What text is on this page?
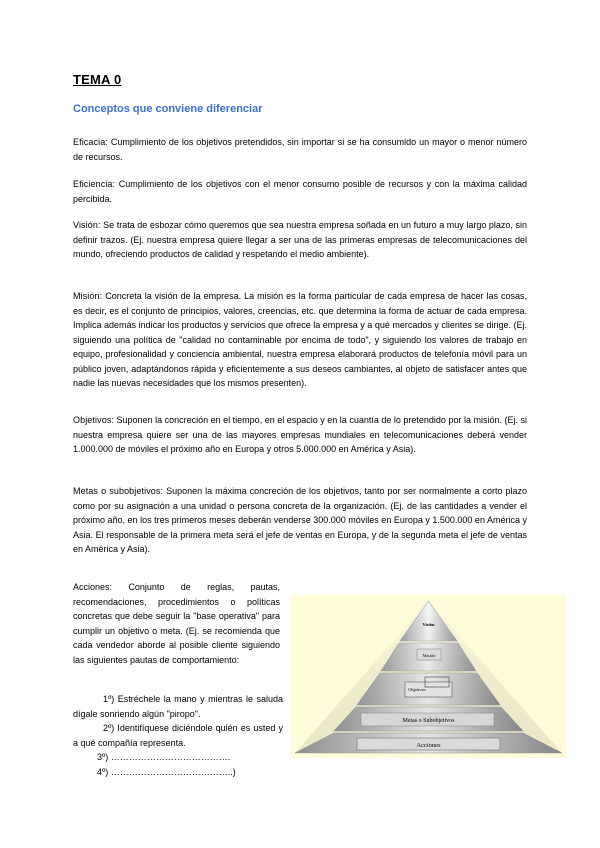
TEMA 0
Conceptos que conviene diferenciar

Eficacia: Cumplimiento de los objetivos pretendidos, sin importar si se ha consumido un mayor o menor número de recursos.

Eficiencia: Cumplimiento de los objetivos con el menor consumo posible de recursos y con la máxima calidad percibida.

Visión: Se trata de esbozar cómo queremos que sea nuestra empresa soñada en un futuro a muy largo plazo, sin definir trazos. (Ej. nuestra empresa quiere llegar a ser una de las primeras empresas de telecomunicaciones del mundo, ofreciendo productos de calidad y respetando el medio ambiente).

Misión: Concreta la visión de la empresa. La misión es la forma particular de cada empresa de hacer las cosas, es decir, es el conjunto de principios, valores, creencias, etc. que determina la forma de actuar de cada empresa. Implica además indicar los productos y servicios que ofrece la empresa y a qué mercados y clientes se dirige. (Ej. siguiendo una política de "calidad no contaminable por encima de todo", y siguiendo los valores de trabajo en equipo, profesionalidad y conciencia ambiental, nuestra empresa elaborará productos de telefonía móvil para un público joven, adaptándonos rápida y eficientemente a sus deseos cambiantes, al objeto de satisfacer antes que nadie las nuevas necesidades que los mismos presenten).

Objetivos: Suponen la concreción en el tiempo, en el espacio y en la cuantía de lo pretendido por la misión. (Ej. si nuestra empresa quiere ser una de las mayores empresas mundiales en telecomunicaciones deberá vender 1.000.000 de móviles el próximo año en Europa y otros 5.000.000 en América y Asia).

Metas o subobjetivos: Suponen la máxima concreción de los objetivos, tanto por ser normalmente a corto plazo como por su asignación a una unidad o persona concreta de la organización. (Ej. de las cantidades a vender el próximo año, en los tres primeros meses deberán venderse 300.000 móviles en Europa y 1.500.000 en América y Asia. El responsable de la primera meta será el jefe de ventas en Europa, y de la segunda meta el jefe de ventas en América y Asia).

Acciones: Conjunto de reglas, pautas, recomendaciones, procedimientos o políticas concretas que debe seguir la "base operativa" para cumplir un objetivo o meta. (Ej. se recomienda que cada vendedor aborde al posible cliente siguiendo las siguientes pautas de comportamiento:

1º) Estréchele la mano y mientras le saluda dígale sonriendo algún "piropo".
2º) Identifíquese diciéndole quién es usted y a qué compañía representa.
3º) ………………………………….
4º) …………………………………..)
Visión
Misión
Objetivos
Metas o Subobjetivos
Acciones
